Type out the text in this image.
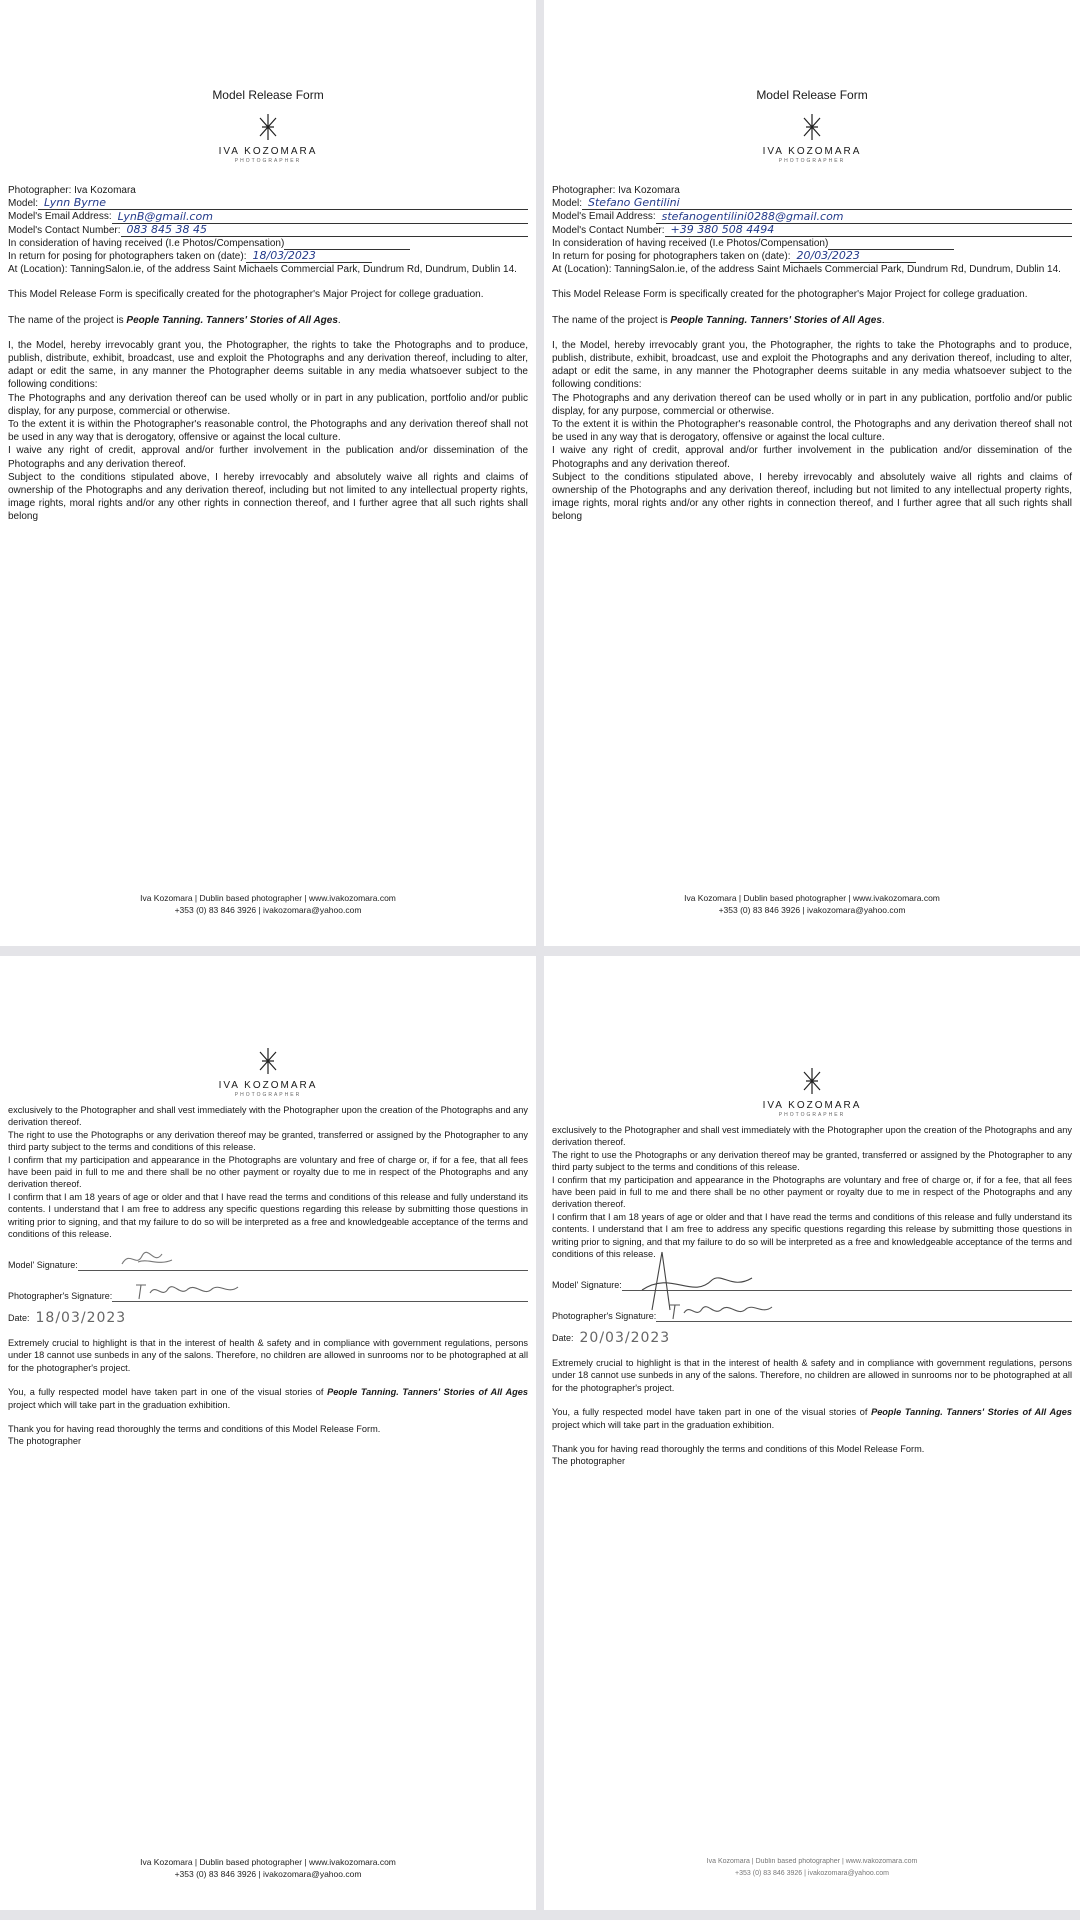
Model Release Form
IVA KOZOMARA
PHOTOGRAPHER
Photographer: Iva Kozomara
Model: Lynn Byrne
Model's Email Address: LynB@gmail.com
Model's Contact Number: 083 845 38 45
In consideration of having received (I.e Photos/Compensation)
In return for posing for photographers taken on (date): 18/03/2023
At (Location): TanningSalon.ie, of the address Saint Michaels Commercial Park, Dundrum Rd, Dundrum, Dublin 14.

This Model Release Form is specifically created for the photographer's Major Project for college graduation.

The name of the project is People Tanning. Tanners' Stories of All Ages.

I, the Model, hereby irrevocably grant you, the Photographer, the rights to take the Photographs and to produce, publish, distribute, exhibit, broadcast, use and exploit the Photographs and any derivation thereof, including to alter, adapt or edit the same, in any manner the Photographer deems suitable in any media whatsoever subject to the following conditions:

The Photographs and any derivation thereof can be used wholly or in part in any publication, portfolio and/or public display, for any purpose, commercial or otherwise.

To the extent it is within the Photographer's reasonable control, the Photographs and any derivation thereof shall not be used in any way that is derogatory, offensive or against the local culture.

I waive any right of credit, approval and/or further involvement in the publication and/or dissemination of the Photographs and any derivation thereof.

Subject to the conditions stipulated above, I hereby irrevocably and absolutely waive all rights and claims of ownership of the Photographs and any derivation thereof, including but not limited to any intellectual property rights, image rights, moral rights and/or any other rights in connection thereof, and I further agree that all such rights shall belong

Iva Kozomara | Dublin based photographer | www.ivakozomara.com
+353 (0) 83 846 3926 | ivakozomara@yahoo.com
Model Release Form
IVA KOZOMARA
PHOTOGRAPHER
Photographer: Iva Kozomara
Model: Stefano Gentilini
Model's Email Address: stefanogentilini0288@gmail.com
Model's Contact Number: +39 380 508 4494
In consideration of having received (I.e Photos/Compensation)
In return for posing for photographers taken on (date): 20/03/2023
At (Location): TanningSalon.ie, of the address Saint Michaels Commercial Park, Dundrum Rd, Dundrum, Dublin 14.

This Model Release Form is specifically created for the photographer's Major Project for college graduation.

The name of the project is People Tanning. Tanners' Stories of All Ages.

I, the Model, hereby irrevocably grant you, the Photographer, the rights to take the Photographs and to produce, publish, distribute, exhibit, broadcast, use and exploit the Photographs and any derivation thereof, including to alter, adapt or edit the same, in any manner the Photographer deems suitable in any media whatsoever subject to the following conditions:

The Photographs and any derivation thereof can be used wholly or in part in any publication, portfolio and/or public display, for any purpose, commercial or otherwise.

To the extent it is within the Photographer's reasonable control, the Photographs and any derivation thereof shall not be used in any way that is derogatory, offensive or against the local culture.

I waive any right of credit, approval and/or further involvement in the publication and/or dissemination of the Photographs and any derivation thereof.

Subject to the conditions stipulated above, I hereby irrevocably and absolutely waive all rights and claims of ownership of the Photographs and any derivation thereof, including but not limited to any intellectual property rights, image rights, moral rights and/or any other rights in connection thereof, and I further agree that all such rights shall belong

Iva Kozomara | Dublin based photographer | www.ivakozomara.com
+353 (0) 83 846 3926 | ivakozomara@yahoo.com
IVA KOZOMARA
PHOTOGRAPHER

exclusively to the Photographer and shall vest immediately with the Photographer upon the creation of the Photographs and any derivation thereof.

The right to use the Photographs or any derivation thereof may be granted, transferred or assigned by the Photographer to any third party subject to the terms and conditions of this release.

I confirm that my participation and appearance in the Photographs are voluntary and free of charge or, if for a fee, that all fees have been paid in full to me and there shall be no other payment or royalty due to me in respect of the Photographs and any derivation thereof.

I confirm that I am 18 years of age or older and that I have read the terms and conditions of this release and fully understand its contents. I understand that I am free to address any specific questions regarding this release by submitting those questions in writing prior to signing, and that my failure to do so will be interpreted as a free and knowledgeable acceptance of the terms and conditions of this release.

Model' Signature:
Photographer's Signature:
Date: 18/03/2023

Extremely crucial to highlight is that in the interest of health & safety and in compliance with government regulations, persons under 18 cannot use sunbeds in any of the salons. Therefore, no children are allowed in sunrooms nor to be photographed at all for the photographer's project.

You, a fully respected model have taken part in one of the visual stories of People Tanning. Tanners' Stories of All Ages project which will take part in the graduation exhibition.

Thank you for having read thoroughly the terms and conditions of this Model Release Form.

The photographer

Iva Kozomara | Dublin based photographer | www.ivakozomara.com
+353 (0) 83 846 3926 | ivakozomara@yahoo.com
IVA KOZOMARA
PHOTOGRAPHER

exclusively to the Photographer and shall vest immediately with the Photographer upon the creation of the Photographs and any derivation thereof.

The right to use the Photographs or any derivation thereof may be granted, transferred or assigned by the Photographer to any third party subject to the terms and conditions of this release.

I confirm that my participation and appearance in the Photographs are voluntary and free of charge or, if for a fee, that all fees have been paid in full to me and there shall be no other payment or royalty due to me in respect of the Photographs and any derivation thereof.

I confirm that I am 18 years of age or older and that I have read the terms and conditions of this release and fully understand its contents. I understand that I am free to address any specific questions regarding this release by submitting those questions in writing prior to signing, and that my failure to do so will be interpreted as a free and knowledgeable acceptance of the terms and conditions of this release.

Model' Signature:
Photographer's Signature:
Date: 20/03/2023

Extremely crucial to highlight is that in the interest of health & safety and in compliance with government regulations, persons under 18 cannot use sunbeds in any of the salons. Therefore, no children are allowed in sunrooms nor to be photographed at all for the photographer's project.

You, a fully respected model have taken part in one of the visual stories of People Tanning. Tanners' Stories of All Ages project which will take part in the graduation exhibition.

Thank you for having read thoroughly the terms and conditions of this Model Release Form.

The photographer

Iva Kozomara | Dublin based photographer | www.ivakozomara.com
+353 (0) 83 846 3926 | ivakozomara@yahoo.com
